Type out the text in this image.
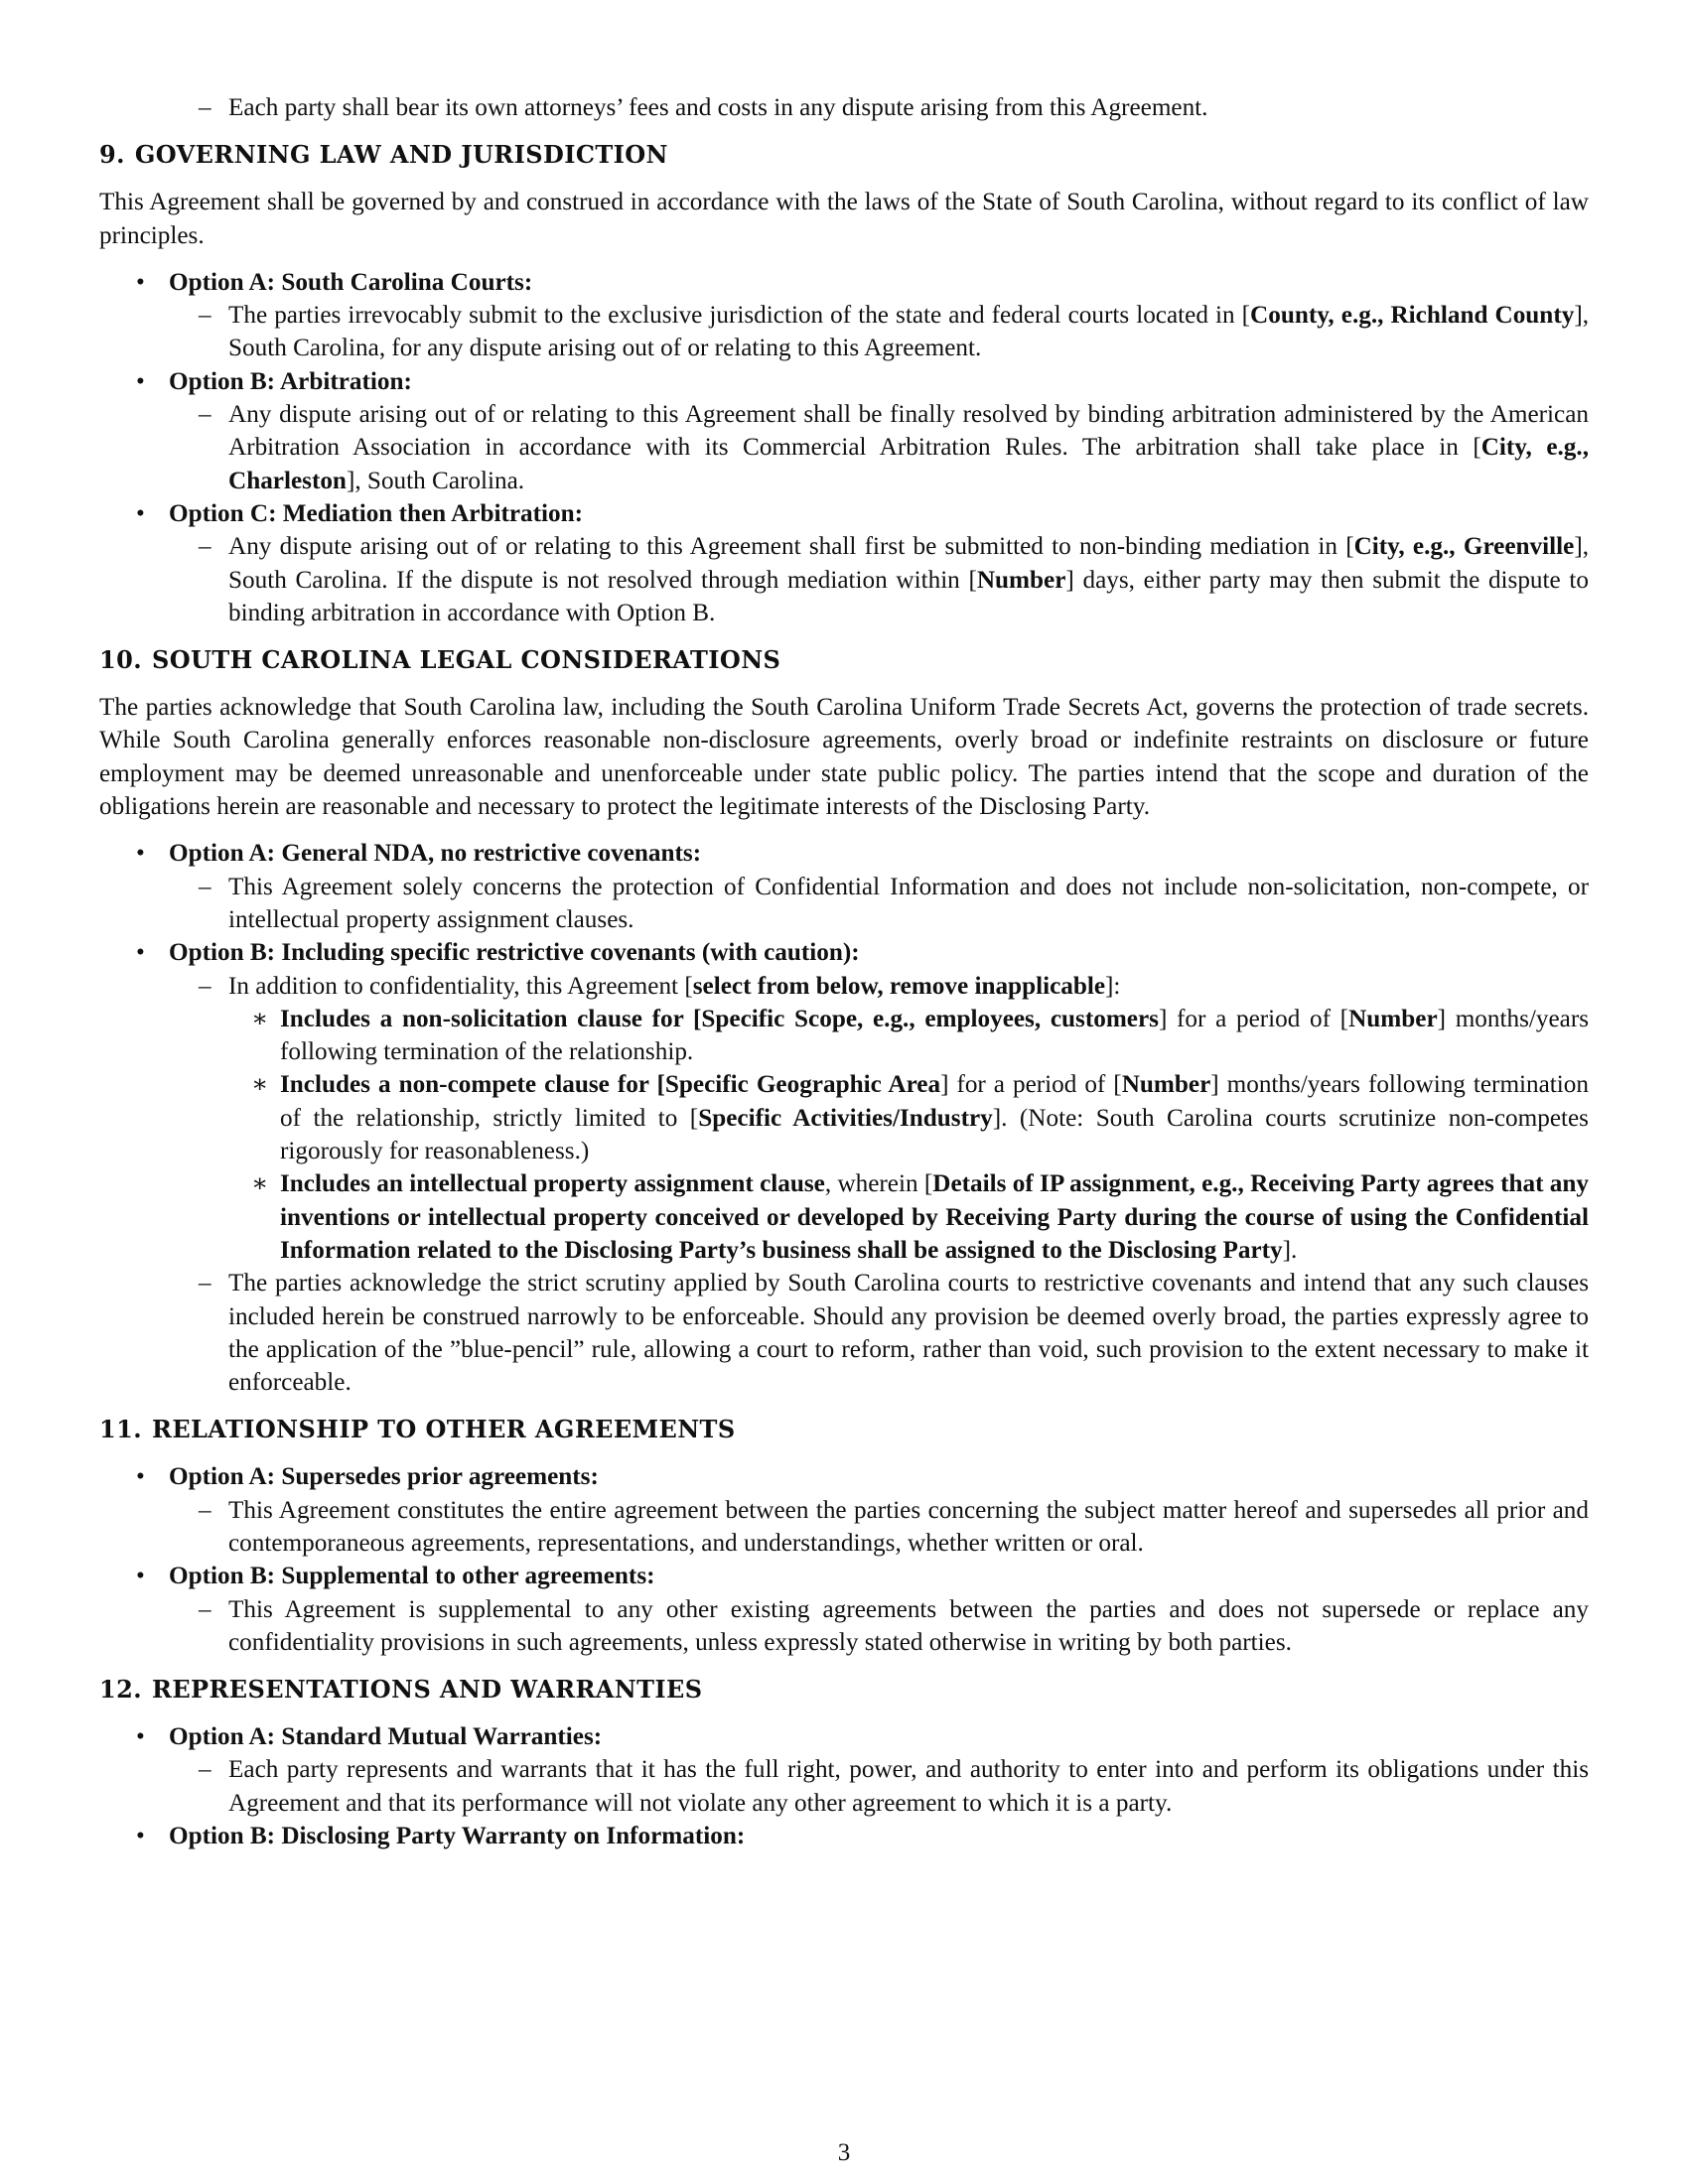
– Each party shall bear its own attorneys’ fees and costs in any dispute arising from this Agreement.
9. GOVERNING LAW AND JURISDICTION

This Agreement shall be governed by and construed in accordance with the laws of the State of South Carolina, without regard to its conflict of law principles.

• Option A: South Carolina Courts:
– The parties irrevocably submit to the exclusive jurisdiction of the state and federal courts located in [County, e.g., Richland County], South Carolina, for any dispute arising out of or relating to this Agreement.
• Option B: Arbitration:
– Any dispute arising out of or relating to this Agreement shall be finally resolved by binding arbitration administered by the American Arbitration Association in accordance with its Commercial Arbitration Rules. The arbitration shall take place in [City, e.g., Charleston], South Carolina.
• Option C: Mediation then Arbitration:
– Any dispute arising out of or relating to this Agreement shall first be submitted to non-binding mediation in [City, e.g., Greenville], South Carolina. If the dispute is not resolved through mediation within [Number] days, either party may then submit the dispute to binding arbitration in accordance with Option B.
10. SOUTH CAROLINA LEGAL CONSIDERATIONS

The parties acknowledge that South Carolina law, including the South Carolina Uniform Trade Secrets Act, governs the protection of trade secrets. While South Carolina generally enforces reasonable non-disclosure agreements, overly broad or indefinite restraints on disclosure or future employment may be deemed unreasonable and unenforceable under state public policy. The parties intend that the scope and duration of the obligations herein are reasonable and necessary to protect the legitimate interests of the Disclosing Party.

• Option A: General NDA, no restrictive covenants:
– This Agreement solely concerns the protection of Confidential Information and does not include non-solicitation, non-compete, or intellectual property assignment clauses.
• Option B: Including specific restrictive covenants (with caution):
– In addition to confidentiality, this Agreement [select from below, remove inapplicable]:
∗ Includes a non-solicitation clause for [Specific Scope, e.g., employees, customers] for a period of [Number] months/years following termination of the relationship.
∗ Includes a non-compete clause for [Specific Geographic Area] for a period of [Number] months/years following termination of the relationship, strictly limited to [Specific Activities/Industry]. (Note: South Carolina courts scrutinize non-competes rigorously for reasonableness.)
∗ Includes an intellectual property assignment clause, wherein [Details of IP assignment, e.g., Receiving Party agrees that any inventions or intellectual property conceived or developed by Receiving Party during the course of using the Confidential Information related to the Disclosing Party’s business shall be assigned to the Disclosing Party].
– The parties acknowledge the strict scrutiny applied by South Carolina courts to restrictive covenants and intend that any such clauses included herein be construed narrowly to be enforceable. Should any provision be deemed overly broad, the parties expressly agree to the application of the ”blue-pencil” rule, allowing a court to reform, rather than void, such provision to the extent necessary to make it enforceable.
11. RELATIONSHIP TO OTHER AGREEMENTS
• Option A: Supersedes prior agreements:
– This Agreement constitutes the entire agreement between the parties concerning the subject matter hereof and supersedes all prior and contemporaneous agreements, representations, and understandings, whether written or oral.
• Option B: Supplemental to other agreements:
– This Agreement is supplemental to any other existing agreements between the parties and does not supersede or replace any confidentiality provisions in such agreements, unless expressly stated otherwise in writing by both parties.
12. REPRESENTATIONS AND WARRANTIES
• Option A: Standard Mutual Warranties:
– Each party represents and warrants that it has the full right, power, and authority to enter into and perform its obligations under this Agreement and that its performance will not violate any other agreement to which it is a party.
• Option B: Disclosing Party Warranty on Information:
3
